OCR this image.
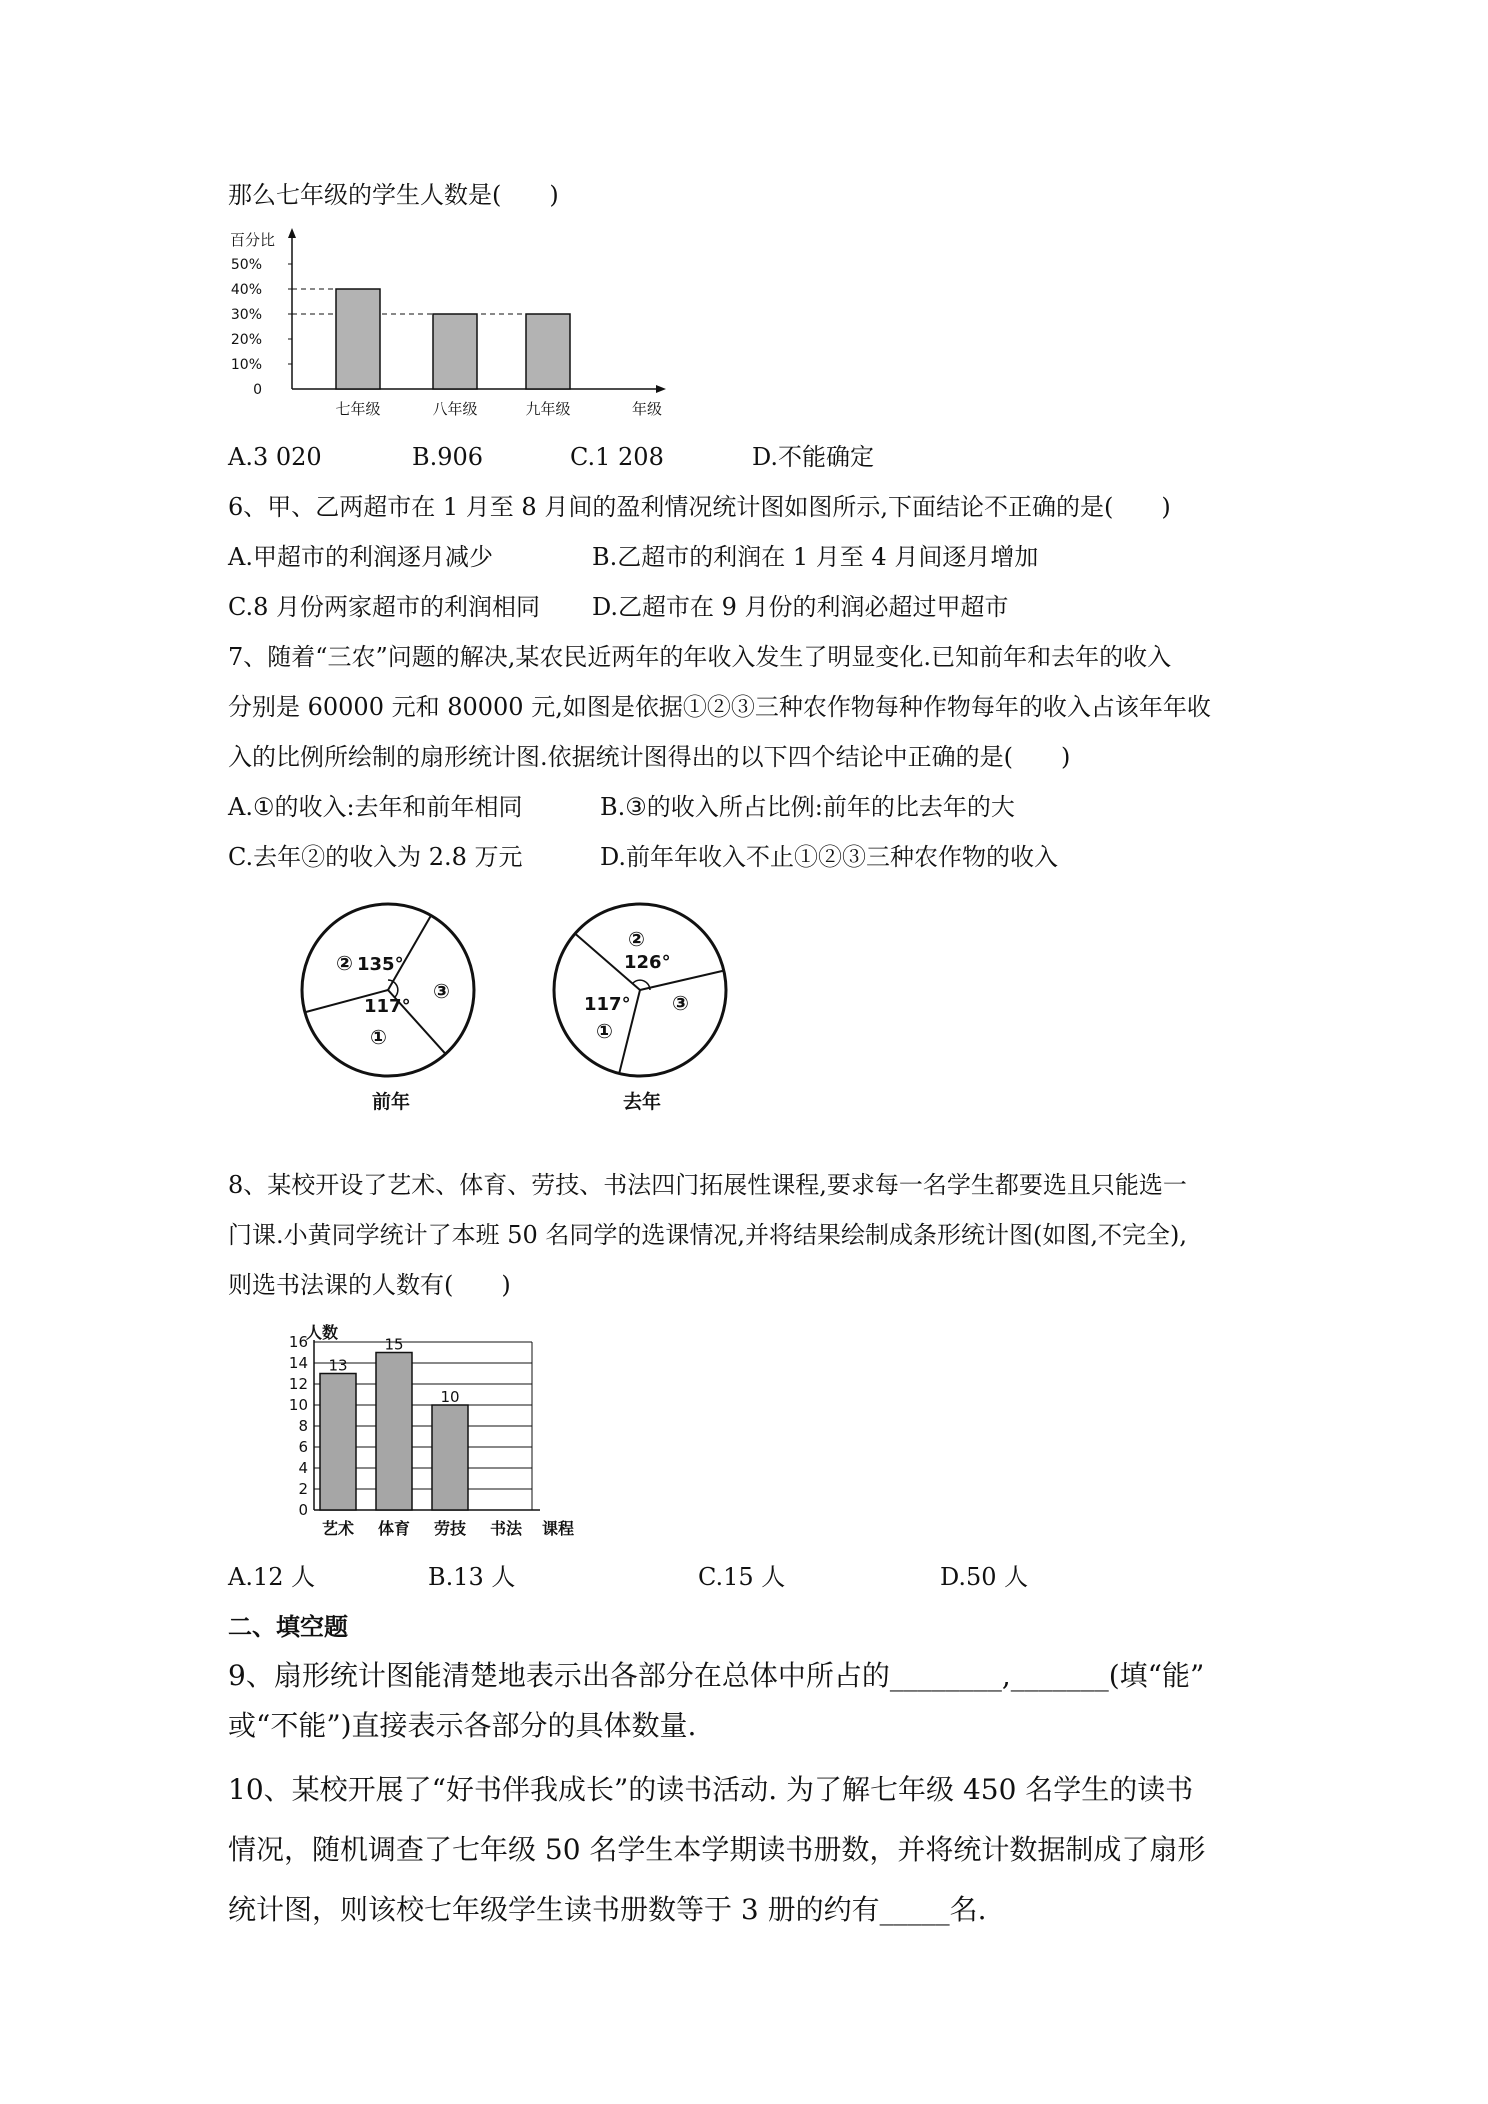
那么七年级的学生人数是(　　)
百分比
年级
0
10%
20%
30%
40%
50%
七年级	八年级	九年级
A.3 020	B.906	C.1 208	D.不能确定
6、甲、乙两超市在 1 月至 8 月间的盈利情况统计图如图所示,下面结论不正确的是(　　)
A.甲超市的利润逐月减少	B.乙超市的利润在 1 月至 4 月间逐月增加
C.8 月份两家超市的利润相同 D.乙超市在 9 月份的利润必超过甲超市
7、随着“三农”问题的解决,某农民近两年的年收入发生了明显变化.已知前年和去年的收入
分别是 60000 元和 80000 元,如图是依据①②③三种农作物每种作物每年的收入占该年年收
入的比例所绘制的扇形统计图.依据统计图得出的以下四个结论中正确的是(　　)
A.①的收入:去年和前年相同	B.③的收入所占比例:前年的比去年的大
C.去年②的收入为 2.8 万元	D.前年年收入不止①②③三种农作物的收入
② 135°
③
117°
①
前年
②
126°
117° ③
①
去年
8、某校开设了艺术、体育、劳技、书法四门拓展性课程,要求每一名学生都要选且只能选一
门课.小黄同学统计了本班 50 名同学的选课情况,并将结果绘制成条形统计图(如图,不完全),
则选书法课的人数有(　　)
人数
0
2
4
6
8
10
12
14
16
13
艺术
15
体育
10
劳技 书法 课程
A.12 人	B.13 人	C.15 人	D.50 人
二、填空题
9、扇形统计图能清楚地表示出各部分在总体中所占的________,_______(填“能”
或“不能”)直接表示各部分的具体数量.
10、某校开展了“好书伴我成长”的读书活动. 为了解七年级 450 名学生的读书
情况，随机调查了七年级 50 名学生本学期读书册数，并将统计数据制成了扇形
统计图，则该校七年级学生读书册数等于 3 册的约有_____名.
